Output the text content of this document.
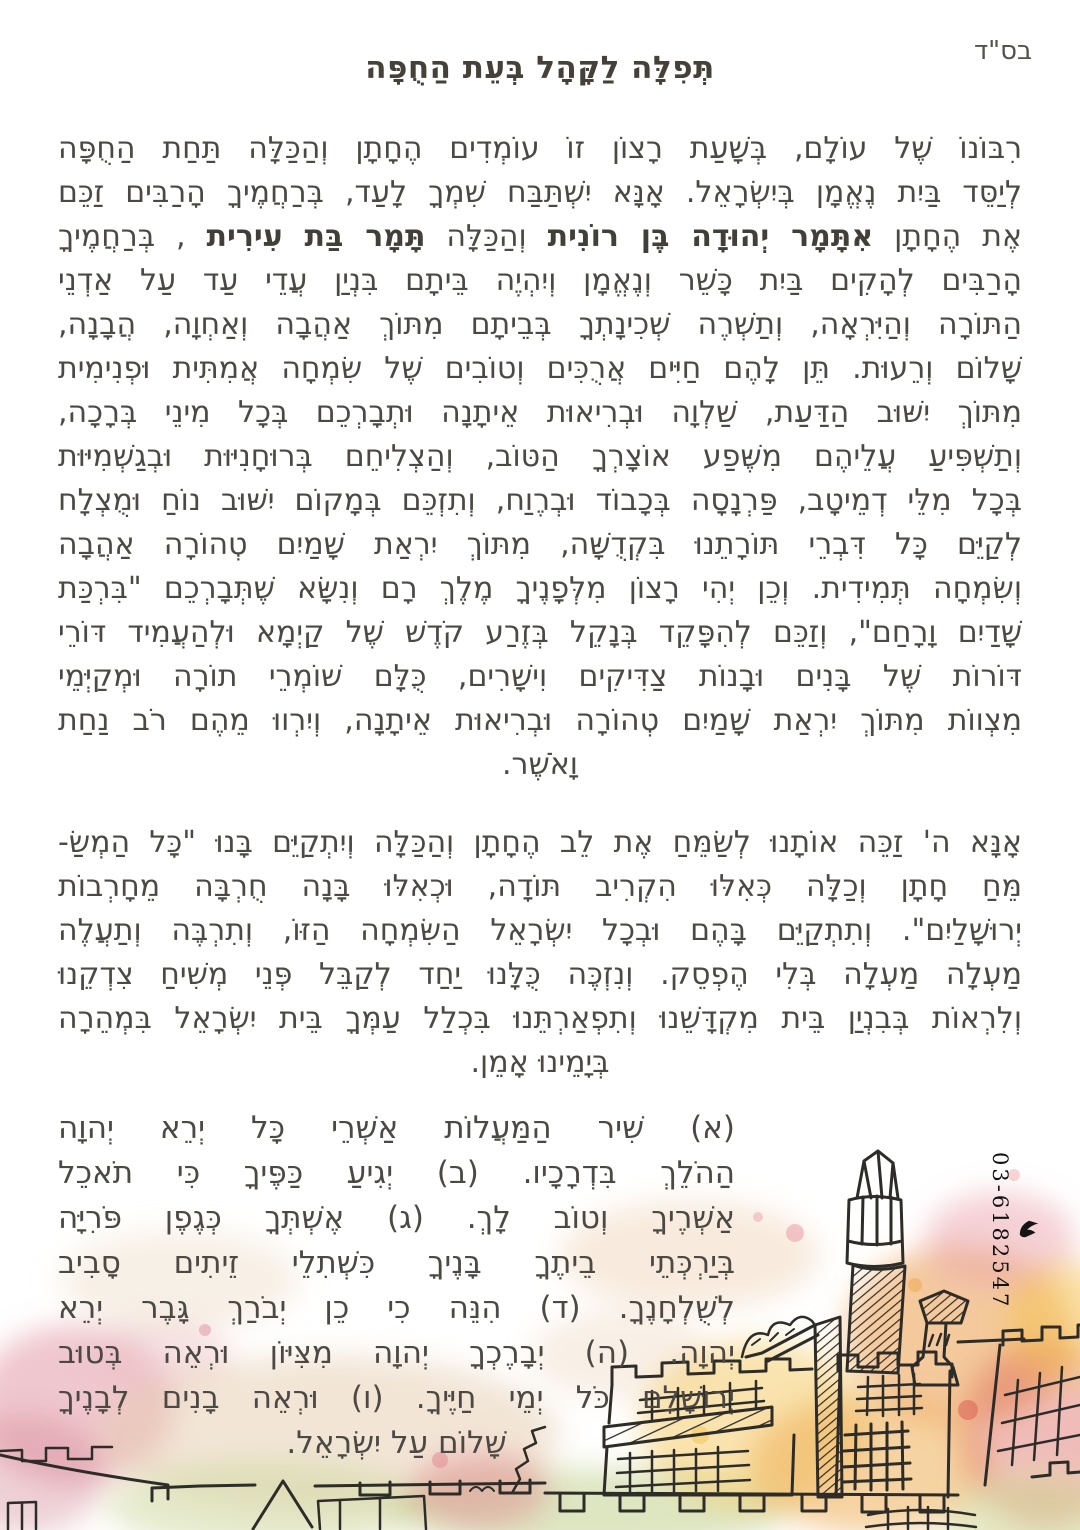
בס"ד
תְּפִלָּה לַקָּהָל בְּעֵת הַחֻפָּה
רִבּוֹנוֹ שֶׁל עוֹלָם, בְּשָׁעַת רָצוֹן זוֹ עוֹמְדִים הֶחָתָן וְהַכַּלָּה תַּחַת הַחֻפָּה
לְיַסֵּד בַּיִת נֶאֱמָן בְּיִשְׂרָאֵל. אָנָּא יִשְׁתַּבַּח שִׁמְךָ לָעַד, בְּרַחֲמֶיךָ הָרַבִּים זַכֵּם
אֶת הֶחָתָן אִתָּמָר יְהוּדָה בֶּן רוֹנִית וְהַכַּלָּה תָּמָר בַּת עִירִית , בְּרַחֲמֶיךָ
הָרַבִּים לְהָקִים בַּיִת כָּשֵׁר וְנֶאֱמָן וְיִהְיֶה בֵּיתָם בִּנְיַן עֲדֵי עַד עַל אַדְנֵי
הַתּוֹרָה וְהַיִּרְאָה, וְתַשְׁרֶה שְׁכִינָתְךָ בְּבֵיתָם מִתּוֹךְ אַהֲבָה וְאַחְוָה, הֲבָנָה,
שָׁלוֹם וְרֵעוּת. תֵּן לָהֶם חַיִּים אֲרֻכִּים וְטוֹבִים שֶׁל שִׂמְחָה אֲמִתִּית וּפְנִימִית
מִתּוֹךְ יִשּׁוּב הַדַּעַת, שַׁלְוָה וּבְרִיאוּת אֵיתָנָה וּתְבָרְכֵם בְּכָל מִינֵי בְּרָכָה,
וְתַשְׁפִּיעַ עֲלֵיהֶם מִשֶּׁפַע אוֹצָרְךָ הַטּוֹב, וְהַצְלִיחֵם בְּרוּחָנִיּוּת וּבְגַשְׁמִיּוּת
בְּכָל מִלֵּי דְמֵיטָב, פַּרְנָסָה בְּכָבוֹד וּבְרֶוַח, וְתִזְכֵּם בְּמָקוֹם יִשּׁוּב נוֹחַ וּמֻצְלָח
לְקַיֵּם כָּל דִּבְרֵי תּוֹרָתֵנוּ בִּקְדֻשָּׁה, מִתּוֹךְ יִרְאַת שָׁמַיִם טְהוֹרָה אַהֲבָה
וְשִׂמְחָה תְּמִידִית. וְכֵן יְהִי רָצוֹן מִלְּפָנֶיךָ מֶלֶךְ רָם וְנִשָּׂא שֶׁתְּבָרְכֵם "בִּרְכַּת
שָׁדַיִם וָרָחַם", וְזַכֵּם לְהִפָּקֵד בְּנָקֵל בְּזֶרַע קֹדֶשׁ שֶׁל קַיְמָא וּלְהַעֲמִיד דּוֹרֵי
דּוֹרוֹת שֶׁל בָּנִים וּבָנוֹת צַדִּיקִים וִישָׁרִים, כֻּלָּם שׁוֹמְרֵי תוֹרָה וּמְקַיְּמֵי
מִצְווֹת מִתּוֹךְ יִרְאַת שָׁמַיִם טְהוֹרָה וּבְרִיאוּת אֵיתָנָה, וְיִרְווּ מֵהֶם רֹב נַחַת
וָאֹשֶׁר.
אָנָּא ה' זַכֵּה אוֹתָנוּ לְשַׂמֵּחַ אֶת לֵב הֶחָתָן וְהַכַּלָּה וְיִתְקַיֵּם בָּנוּ "כָּל הַמְשַׂ-
מֵּחַ חָתָן וְכַלָּה כְּאִלּוּ הִקְרִיב תּוֹדָה, וּכְאִלּוּ בָּנָה חֻרְבָּה מֵחָרְבוֹת
יְרוּשָׁלַיִם". וְתִתְקַיֵּם בָּהֶם וּבְכָל יִשְׂרָאֵל הַשִּׂמְחָה הַזּוֹ, וְתִרְבֶּה וְתַעֲלֶה
מַעְלָה מַעְלָה בְּלִי הֶפְסֵק. וְנִזְכֶּה כֻּלָּנוּ יַחַד לְקַבֵּל פְּנֵי מְשִׁיחַ צִדְקֵנוּ
וְלִרְאוֹת בְּבִנְיַן בֵּית מִקְדָּשֵׁנוּ וְתִפְאַרְתֵּנוּ בִּכְלַל עַמְּךָ בֵּית יִשְׂרָאֵל בִּמְהֵרָה
בְּיָמֵינוּ אָמֵן.
(א) שִׁיר הַמַּעֲלוֹת אַשְׁרֵי כָּל יְרֵא יְהוָה
הַהֹלֵךְ בִּדְרָכָיו. (ב) יְגִיעַ כַּפֶּיךָ כִּי תֹאכֵל
אַשְׁרֶיךָ וְטוֹב לָךְ. (ג) אֶשְׁתְּךָ כְּגֶפֶן פֹּרִיָּה
בְּיַרְכְּתֵי בֵיתֶךָ בָּנֶיךָ כִּשְׁתִלֵי זֵיתִים סָבִיב
לְשֻׁלְחָנֶךָ. (ד) הִנֵּה כִי כֵן יְבֹרַךְ גָּבֶר יְרֵא
יְהוָה. (ה) יְבָרֶכְךָ יְהוָה מִצִּיּוֹן וּרְאֵה בְּטוּב
יְרוּשָׁלָם כֹּל יְמֵי חַיֶּיךָ. (ו) וּרְאֵה בָנִים לְבָנֶיךָ
שָׁלוֹם עַל יִשְׂרָאֵל.
03-6182547
